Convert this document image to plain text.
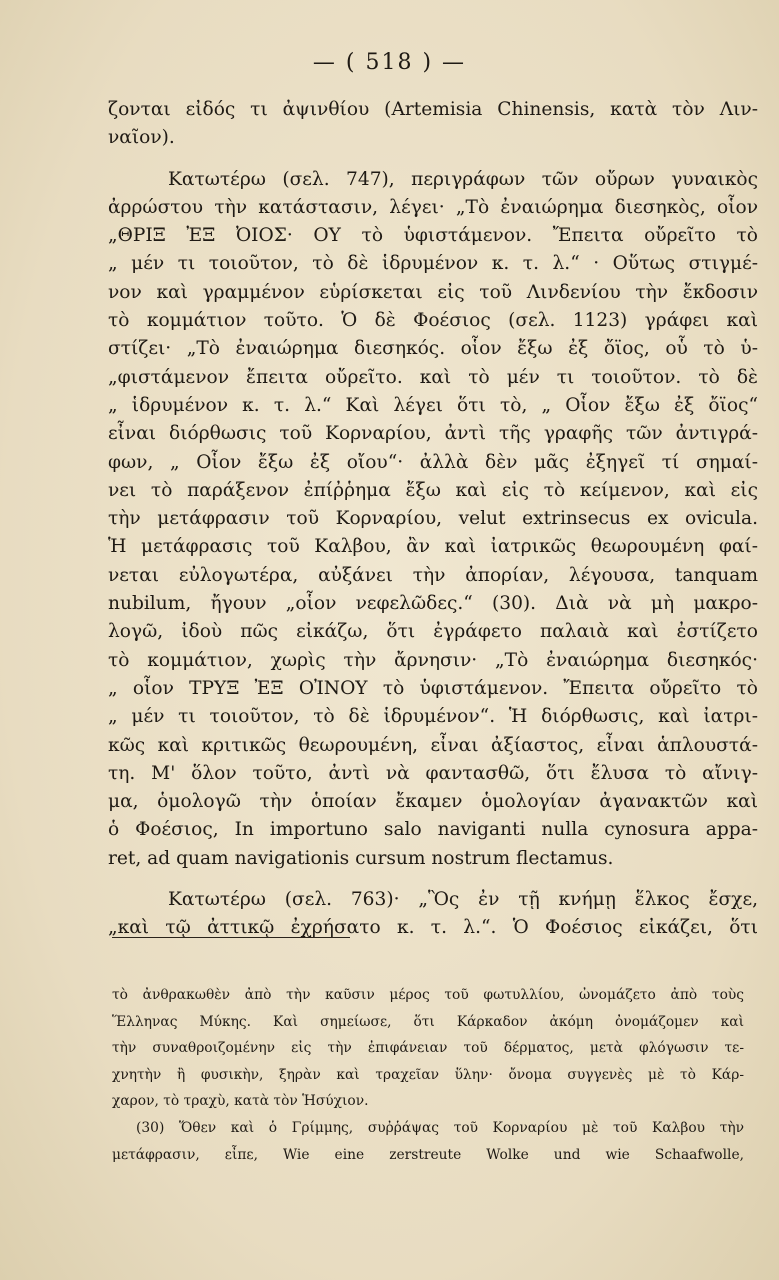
— ( 518 ) —
ζονται εἰδός τι ἀψινθίου (Artemisia Chinensis, κατὰ τὸν Λιν-
ναῖον).
Κατωτέρω (σελ. 747), περιγράφων τῶν οὔρων γυναικὸς
ἀρρώστου τὴν κατάστασιν, λέγει· „Τὸ ἐναιώρημα διεσηκὸς, οἷον
„ΘΡΙΞ ἘΞ ὈΙΟΣ· ΟΥ τὸ ὑφιστάμενον. Ἔπειτα οὔρεῖτο τὸ
„ μέν τι τοιοῦτον, τὸ δὲ ἱδρυμένον κ. τ. λ.“ · Οὕτως στιγμέ-
νον καὶ γραμμένον εὑρίσκεται εἰς τοῦ Λινδενίου τὴν ἔκδοσιν
τὸ κομμάτιον τοῦτο. Ὁ δὲ Φοέσιος (σελ. 1123) γράφει καὶ
στίζει· „Τὸ ἐναιώρημα διεσηκός. οἷον ἔξω ἐξ ὄϊος, οὗ τὸ ὑ-
„φιστάμενον ἔπειτα οὔρεῖτο. καὶ τὸ μέν τι τοιοῦτον. τὸ δὲ
„ ἱδρυμένον κ. τ. λ.“ Καὶ λέγει ὅτι τὸ, „ Οἷον ἔξω ἐξ ὄϊος“
εἶναι διόρθωσις τοῦ Κορναρίου, ἀντὶ τῆς γραφῆς τῶν ἀντιγρά-
φων, „ Οἷον ἔξω ἐξ οἴου“· ἀλλὰ δὲν μᾶς ἐξηγεῖ τί σημαί-
νει τὸ παράξενον ἐπίῤῥημα ἔξω καὶ εἰς τὸ κείμενον, καὶ εἰς
τὴν μετάφρασιν τοῦ Κορναρίου, velut extrinsecus ex ovicula.
Ἡ μετάφρασις τοῦ Καλβου, ἂν καὶ ἰατρικῶς θεωρουμένη φαί-
νεται εὐλογωτέρα, αὐξάνει τὴν ἀπορίαν, λέγουσα, tanquam
nubilum, ἤγουν „οἷον νεφελῶδες.“ (30). Διὰ νὰ μὴ μακρο-
λογῶ, ἰδοὺ πῶς εἰκάζω, ὅτι ἐγράφετο παλαιὰ καὶ ἐστίζετο
τὸ κομμάτιον, χωρὶς τὴν ἄρνησιν· „Τὸ ἐναιώρημα διεσηκός·
„ οἷον ΤΡΥΞ ἘΞ ΟἸΝΟΥ τὸ ὑφιστάμενον. Ἔπειτα οὔρεῖτο τὸ
„ μέν τι τοιοῦτον, τὸ δὲ ἱδρυμένον“. Ἡ διόρθωσις, καὶ ἰατρι-
κῶς καὶ κριτικῶς θεωρουμένη, εἶναι ἀξίαστος, εἶναι ἁπλουστά-
τη. Μ' ὅλον τοῦτο, ἀντὶ νὰ φαντασθῶ, ὅτι ἔλυσα τὸ αἴνιγ-
μα, ὁμολογῶ τὴν ὁποίαν ἔκαμεν ὁμολογίαν ἀγανακτῶν καὶ
ὁ Φοέσιος, In importuno salo naviganti nulla cynosura appa-
ret, ad quam navigationis cursum nostrum flectamus.
Κατωτέρω (σελ. 763)· „Ὃς ἐν τῇ κνήμῃ ἕλκος ἔσχε,
„καὶ τῷ ἀττικῷ ἐχρήσατο κ. τ. λ.“. Ὁ Φοέσιος εἰκάζει, ὅτι
τὸ ἀνθρακωθὲν ἀπὸ τὴν καῦσιν μέρος τοῦ φωτυλλίου, ὠνομάζετο ἀπὸ τοὺς
Ἕλληνας Μύκης. Καὶ σημείωσε, ὅτι Κάρκαδον ἀκόμη ὀνομάζομεν καὶ
τὴν συναθροιζομένην εἰς τὴν ἐπιφάνειαν τοῦ δέρματος, μετὰ φλόγωσιν τε-
χνητὴν ἢ φυσικὴν, ξηρὰν καὶ τραχεῖαν ὕλην· ὄνομα συγγενὲς μὲ τὸ Κάρ-
χαρον, τὸ τραχὺ, κατὰ τὸν Ἡσύχιον.
(30) Ὅθεν καὶ ὁ Γρίμμης, συῤῥάψας τοῦ Κορναρίου μὲ τοῦ Καλβου τὴν
μετάφρασιν, εἶπε, Wie eine zerstreute Wolke und wie Schaafwolle,
